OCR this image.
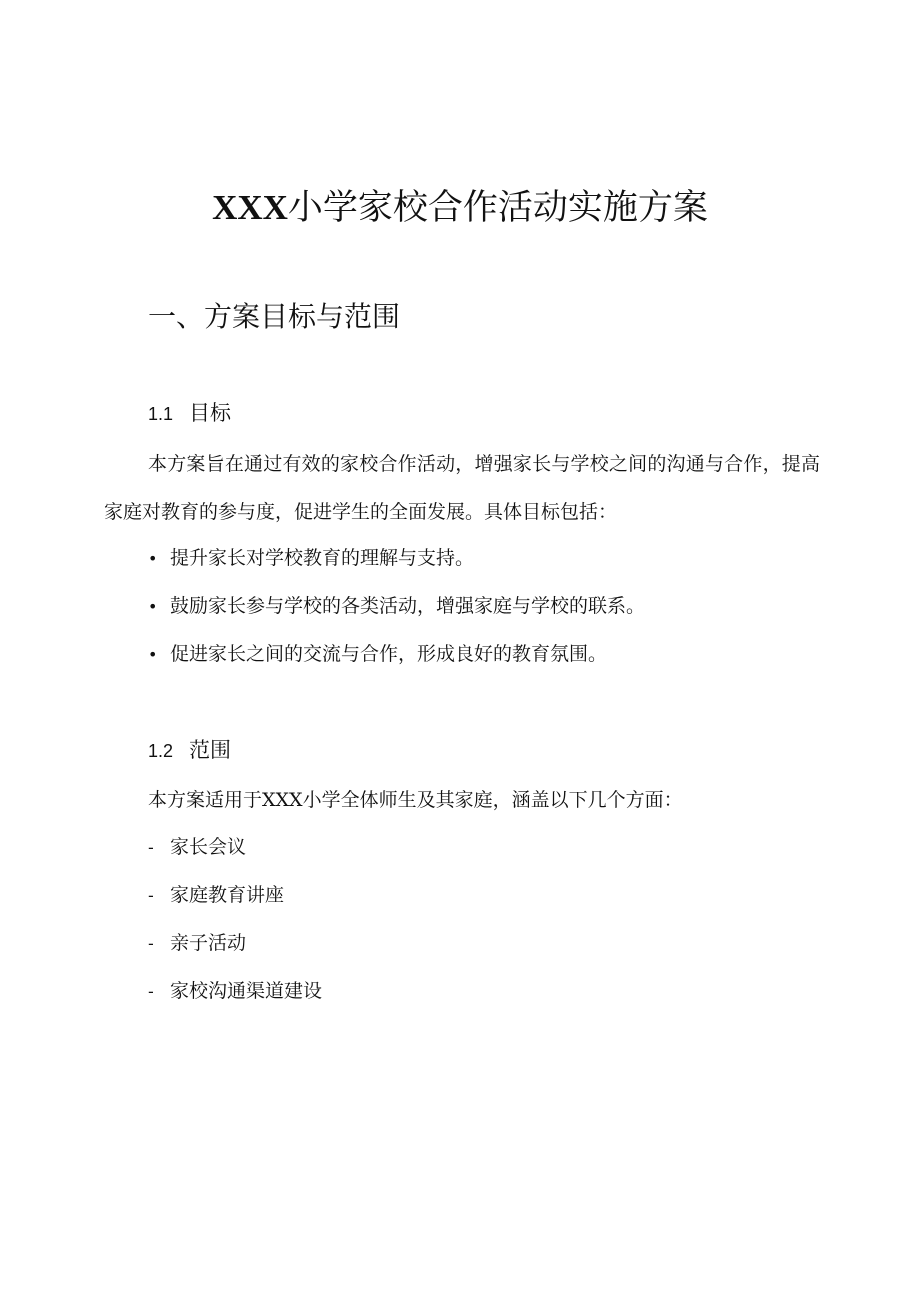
XXX小学家校合作活动实施方案
一、方案目标与范围
1.1 目标

本方案旨在通过有效的家校合作活动，增强家长与学校之间的沟通与合作，提高家庭对教育的参与度，促进学生的全面发展。具体目标包括：

• 提升家长对学校教育的理解与支持。
• 鼓励家长参与学校的各类活动，增强家庭与学校的联系。
• 促进家长之间的交流与合作，形成良好的教育氛围。
1.2 范围

本方案适用于XXX小学全体师生及其家庭，涵盖以下几个方面：

- 家长会议
- 家庭教育讲座
- 亲子活动
- 家校沟通渠道建设
